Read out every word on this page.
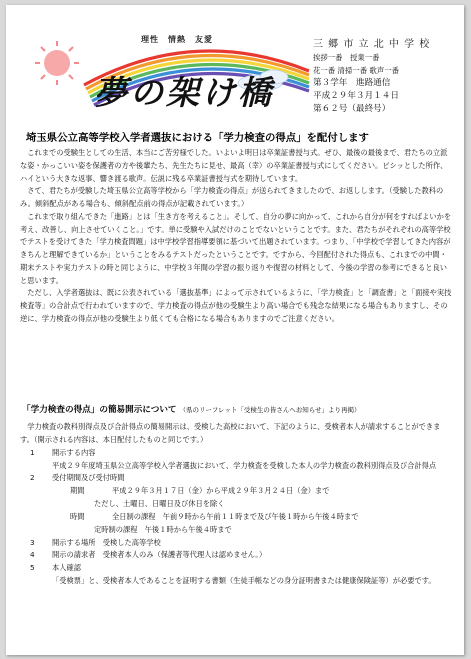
理性　情熱　友愛
夢の架け橋
三 郷 市 立 北 中 学 校
挨拶一番　授業一番
花一番 清掃一番 歌声一番
第３学年　進路通信
平成２９年３月１４日
第６２号（最終号）
埼玉県公立高等学校入学者選抜における「学力検査の得点」を配付します

これまでの受験生としての生活、本当にご苦労様でした。いよいよ明日は卒業証書授与式。ぜひ、最後の最後まで、君たちの立派な姿・かっこいい姿を保護者の方や後輩たち、先生たちに見せ、最高（幸）の卒業証書授与式にしてください。ビシッとした所作、ハイという大きな返事、響き渡る歌声。伝説に残る卒業証書授与式を期待しています。

さて、君たちが受験した埼玉県公立高等学校から「学力検査の得点」が送られてきましたので、お返しします。（受験した教科のみ。傾斜配点がある場合も、傾斜配点前の得点が記載されています。）

これまで取り組んできた「進路」とは「生き方を考えること」。そして、自分の夢に向かって、これから自分が何をすればよいかを考え、改善し、向上させていくこと。」です。単に受験や入試だけのことでないということです。また、君たちがそれぞれの高等学校でテストを受けてきた「学力検査問題」は中学校学習指導要領に基づいて出題されています。つまり、「中学校で学習してきた内容がきちんと理解できているか」ということをみるテストだったということです。ですから、今回配付された得点も、これまでの中間・期末テストや実力テストの時と同じように、中学校３年間の学習の振り返りや復習の材料として、今後の学習の参考にできると良いと思います。

ただし、入学者選抜は、既に公表されている「選抜基準」によって示されているように、「学力検査」と「調査書」と「面接や実技検査等」の合計点で行われていますので、学力検査の得点が他の受験生より高い場合でも残念な結果になる場合もありますし、その逆に、学力検査の得点が他の受験生より低くても合格になる場合もありますのでご注意ください。

「学力検査の得点」の簡易開示について （県のリーフレット「受検生の皆さんへお知らせ」より再掲）

学力検査の教科別得点及び合計得点の簡易開示は、受検した高校において、下記のように、受検者本人が請求することができます。（開示される内容は、本日配付したものと同じです。）

1 開示する内容
平成２９年度埼玉県公立高等学校入学者選抜において、学力検査を受検した本人の学力検査の教科別得点及び合計得点
2 受付期間及び受付時間
期間	平成２９年３月１７日（金）から平成２９年３月２４日（金）まで
ただし、土曜日、日曜日及び休日を除く
時間	全日制の課程　午前９時から午前１１時まで及び午後１時から午後４時まで
定時制の課程　午後１時から午後４時まで
3 開示する場所　受検した高等学校
4 開示の請求者　受検者本人のみ（保護者等代理人は認めません。）
5 本人確認
「受検票」と、受検者本人であることを証明する書類（生徒手帳などの身分証明書または健康保険証等）が必要です。
